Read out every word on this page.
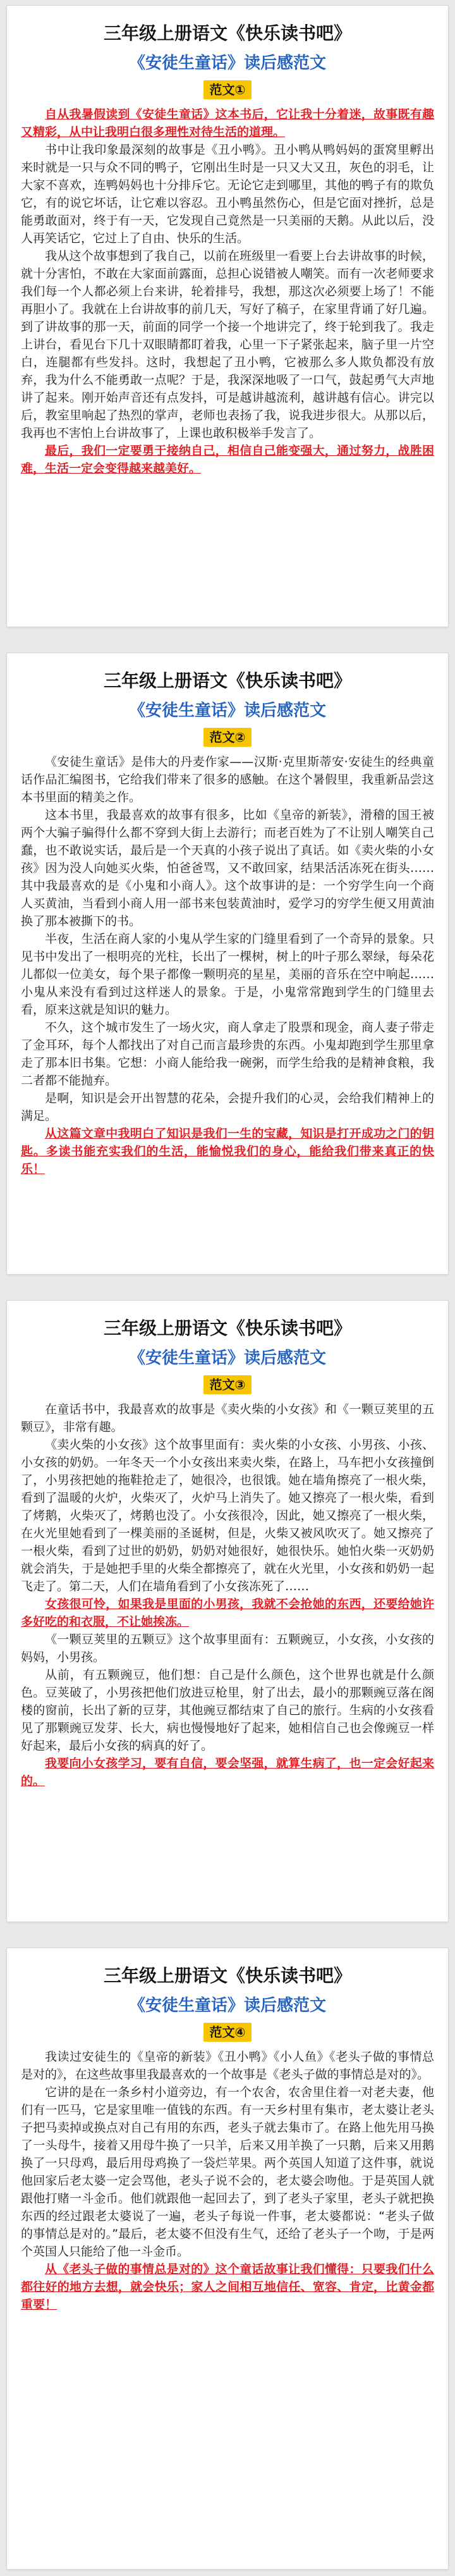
三年级上册语文《快乐读书吧》
《安徒生童话》读后感范文
范文①

自从我暑假读到《安徒生童话》这本书后，它让我十分着迷，故事既有趣又精彩，从中让我明白很多理性对待生活的道理。

书中让我印象最深刻的故事是《丑小鸭》。丑小鸭从鸭妈妈的蛋窝里孵出来时就是一只与众不同的鸭子，它刚出生时是一只又大又丑，灰色的羽毛，让大家不喜欢，连鸭妈妈也十分排斥它。无论它走到哪里，其他的鸭子有的欺负它，有的说它坏话，让它难以容忍。丑小鸭虽然伤心，但是它面对挫折，总是能勇敢面对，终于有一天，它发现自己竟然是一只美丽的天鹅。从此以后，没人再笑话它，它过上了自由、快乐的生活。

我从这个故事想到了我自己，以前在班级里一看要上台去讲故事的时候，就十分害怕，不敢在大家面前露面，总担心说错被人嘲笑。而有一次老师要求我们每一个人都必须上台来讲，轮着排号，我想，那这次必须要上场了！不能再胆小了。我就在上台讲故事的前几天，写好了稿子，在家里背诵了好几遍。到了讲故事的那一天，前面的同学一个接一个地讲完了，终于轮到我了。我走上讲台，看见台下几十双眼睛都盯着我，心里一下子紧张起来，脑子里一片空白，连腿都有些发抖。这时，我想起了丑小鸭，它被那么多人欺负都没有放弃，我为什么不能勇敢一点呢？于是，我深深地吸了一口气，鼓起勇气大声地讲了起来。刚开始声音还有点发抖，可是越讲越流利，越讲越有信心。讲完以后，教室里响起了热烈的掌声，老师也表扬了我，说我进步很大。从那以后，我再也不害怕上台讲故事了，上课也敢积极举手发言了。

最后，我们一定要勇于接纳自己，相信自己能变强大，通过努力，战胜困难，生活一定会变得越来越美好。

三年级上册语文《快乐读书吧》
《安徒生童话》读后感范文
范文②

《安徒生童话》是伟大的丹麦作家——汉斯·克里斯蒂安·安徒生的经典童话作品汇编图书，它给我们带来了很多的感触。在这个暑假里，我重新品尝这本书里面的精美之作。

这本书里，我最喜欢的故事有很多，比如《皇帝的新装》，滑稽的国王被两个大骗子骗得什么都不穿到大街上去游行；而老百姓为了不让别人嘲笑自己蠢，也不敢说实话，最后是一个天真的小孩子说出了真话。如《卖火柴的小女孩》因为没人向她买火柴，怕爸爸骂，又不敢回家，结果活活冻死在街头……其中我最喜欢的是《小鬼和小商人》。这个故事讲的是：一个穷学生向一个商人买黄油，当看到小商人用一部书来包装黄油时，爱学习的穷学生便又用黄油换了那本被撕下的书。

半夜，生活在商人家的小鬼从学生家的门缝里看到了一个奇异的景象。只见书中发出了一根明亮的光柱，长出了一棵树，树上的叶子那么翠绿，每朵花儿都似一位美女，每个果子都像一颗明亮的星星，美丽的音乐在空中响起……小鬼从来没有看到过这样迷人的景象。于是，小鬼常常跑到学生的门缝里去看，原来这就是知识的魅力。

不久，这个城市发生了一场火灾，商人拿走了股票和现金，商人妻子带走了金耳环，每个人都找出了对自己而言最珍贵的东西。小鬼却跑到学生那里拿走了那本旧书集。它想：小商人能给我一碗粥，而学生给我的是精神食粮，我二者都不能抛弃。

是啊，知识是会开出智慧的花朵，会提升我们的心灵，会给我们精神上的满足。

从这篇文章中我明白了知识是我们一生的宝藏，知识是打开成功之门的钥匙。多读书能充实我们的生活，能愉悦我们的身心，能给我们带来真正的快乐！

三年级上册语文《快乐读书吧》
《安徒生童话》读后感范文
范文③

在童话书中，我最喜欢的故事是《卖火柴的小女孩》和《一颗豆荚里的五颗豆》，非常有趣。

《卖火柴的小女孩》这个故事里面有：卖火柴的小女孩、小男孩、小孩、小女孩的奶奶。一年冬天一个小女孩出来卖火柴，在路上，马车把小女孩撞倒了，小男孩把她的拖鞋抢走了，她很冷，也很饿。她在墙角擦亮了一根火柴，看到了温暖的火炉，火柴灭了，火炉马上消失了。她又擦亮了一根火柴，看到了烤鹅，火柴灭了，烤鹅也没了。小女孩很冷，因此，她又擦亮了一根火柴，在火光里她看到了一棵美丽的圣诞树，但是，火柴又被风吹灭了。她又擦亮了一根火柴，看到了过世的奶奶，奶奶对她很好，她很快乐。她怕火柴一灭奶奶就会消失，于是她把手里的火柴全都擦亮了，就在火光里，小女孩和奶奶一起飞走了。第二天，人们在墙角看到了小女孩冻死了……

女孩很可怜，如果我是里面的小男孩，我就不会抢她的东西，还要给她许多好吃的和衣服，不让她挨冻。

《一颗豆荚里的五颗豆》这个故事里面有：五颗豌豆，小女孩，小女孩的妈妈，小男孩。

从前，有五颗豌豆，他们想：自己是什么颜色，这个世界也就是什么颜色。豆荚破了，小男孩把他们放进豆枪里，射了出去，最小的那颗豌豆落在阁楼的窗前，长出了新的豆芽，其他豌豆都结束了自己的旅行。生病的小女孩看见了那颗豌豆发芽、长大，病也慢慢地好了起来，她相信自己也会像豌豆一样好起来，最后小女孩的病真的好了。

我要向小女孩学习，要有自信，要会坚强，就算生病了，也一定会好起来的。

三年级上册语文《快乐读书吧》
《安徒生童话》读后感范文
范文④

我读过安徒生的《皇帝的新装》《丑小鸭》《小人鱼》《老头子做的事情总是对的》，在这些故事里我最喜欢的一个故事是《老头子做的事情总是对的》。

它讲的是在一条乡村小道旁边，有一个农舍，农舍里住着一对老夫妻，他们有一匹马，它是家里唯一值钱的东西。有一天乡村里有集市，老太婆让老头子把马卖掉或换点对自己有用的东西，老头子就去集市了。在路上他先用马换了一头母牛，接着又用母牛换了一只羊，后来又用羊换了一只鹅，后来又用鹅换了一只母鸡，最后用母鸡换了一袋烂苹果。两个英国人知道了这件事，就说他回家后老太婆一定会骂他，老头子说不会的，老太婆会吻他。于是英国人就跟他打赌一斗金币。他们就跟他一起回去了，到了老头子家里，老头子就把换东西的经过跟老太婆说了一遍，老头子每说一件事，老太婆都说：“老头子做的事情总是对的。”最后，老太婆不但没有生气，还给了老头子一个吻，于是两个英国人只能给了他一斗金币。

从《老头子做的事情总是对的》这个童话故事让我们懂得：只要我们什么都往好的地方去想，就会快乐；家人之间相互地信任、宽容、肯定，比黄金都重要！
